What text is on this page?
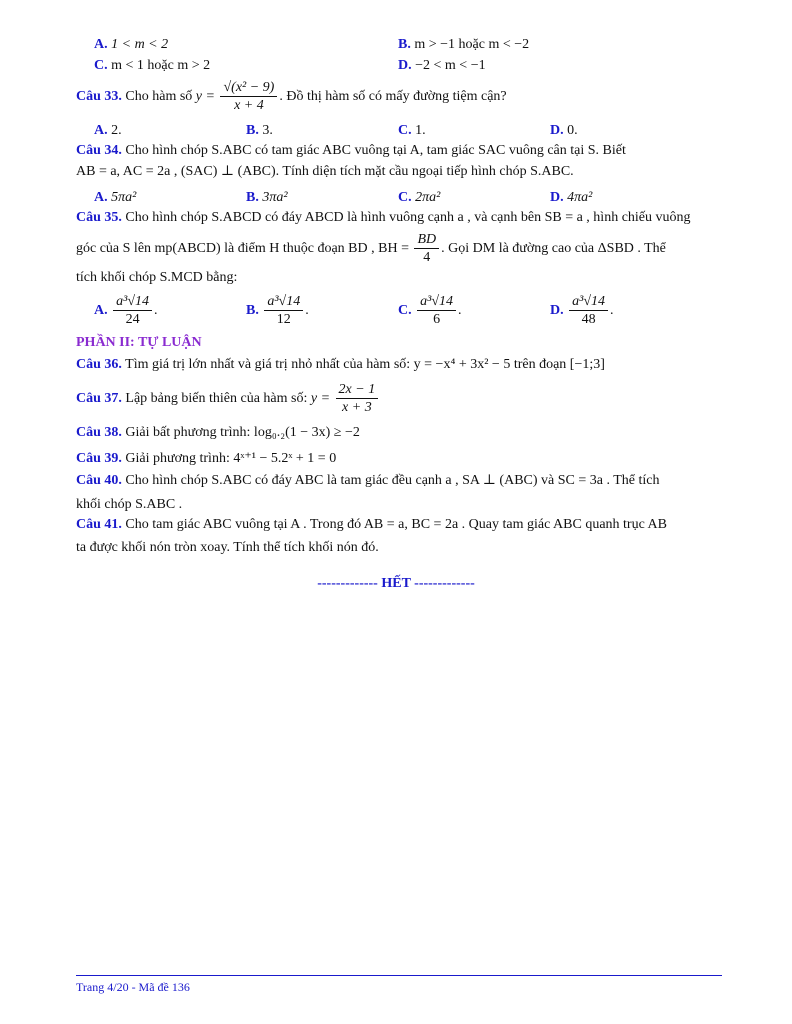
A. 1 < m < 2	B. m > −1 hoặc m < −2
C. m < 1 hoặc m > 2	D. −2 < m < −1
Câu 33. Cho hàm số $y = \frac{\text{√(x² − 9)}}{x + 4}$ . Đồ thị hàm số có mấy đường tiệm cận?
A. 2.	B. 3.	C. 1.	D. 0.
Câu 34. Cho hình chóp S.ABC có tam giác ABC vuông tại A, tam giác SAC vuông cân tại S. Biết
AB = a, AC = 2a , (SAC) ⊥ (ABC). Tính diện tích mặt cầu ngoại tiếp hình chóp S.ABC.
A. 5πa²	B. 3πa²	C. 2πa²	D. 4πa²
Câu 35. Cho hình chóp S.ABCD có đáy ABCD là hình vuông cạnh a , và cạnh bên SB = a , hình chiếu vuông
góc của S lên mp(ABCD) là điểm H thuộc đoạn BD , BH = $\frac{BD}{4}$ . Gọi DM là đường cao của ΔSBD . Thể
tích khối chóp S.MCD bằng:
A. $\frac{\text{a³√14}}{24}$ .	B. $\frac{\text{a³√14}}{12}$ .	C. $\frac{\text{a³√14}}{6}$ .	D. $\frac{\text{a³√14}}{48}$ .
PHẦN II: TỰ LUẬN
Câu 36. Tìm giá trị lớn nhất và giá trị nhỏ nhất của hàm số: y = −x⁴ + 3x² − 5 trên đoạn [−1;3]
Câu 37. Lập bảng biến thiên của hàm số: $y = \frac{2x - 1}{x + 3}$
Câu 38. Giải bất phương trình: log₀.₂(1 − 3x) ≥ −2
Câu 39. Giải phương trình: 4ˣ⁺¹ − 5.2ˣ + 1 = 0
Câu 40. Cho hình chóp S.ABC có đáy ABC là tam giác đều cạnh a , SA ⊥ (ABC) và SC = 3a . Thể tích
khối chóp S.ABC .
Câu 41. Cho tam giác ABC vuông tại A . Trong đó AB = a, BC = 2a . Quay tam giác ABC quanh trục AB
ta được khối nón tròn xoay. Tính thể tích khối nón đó.
------------- HẾT -------------
Trang 4/20 - Mã đề 136
